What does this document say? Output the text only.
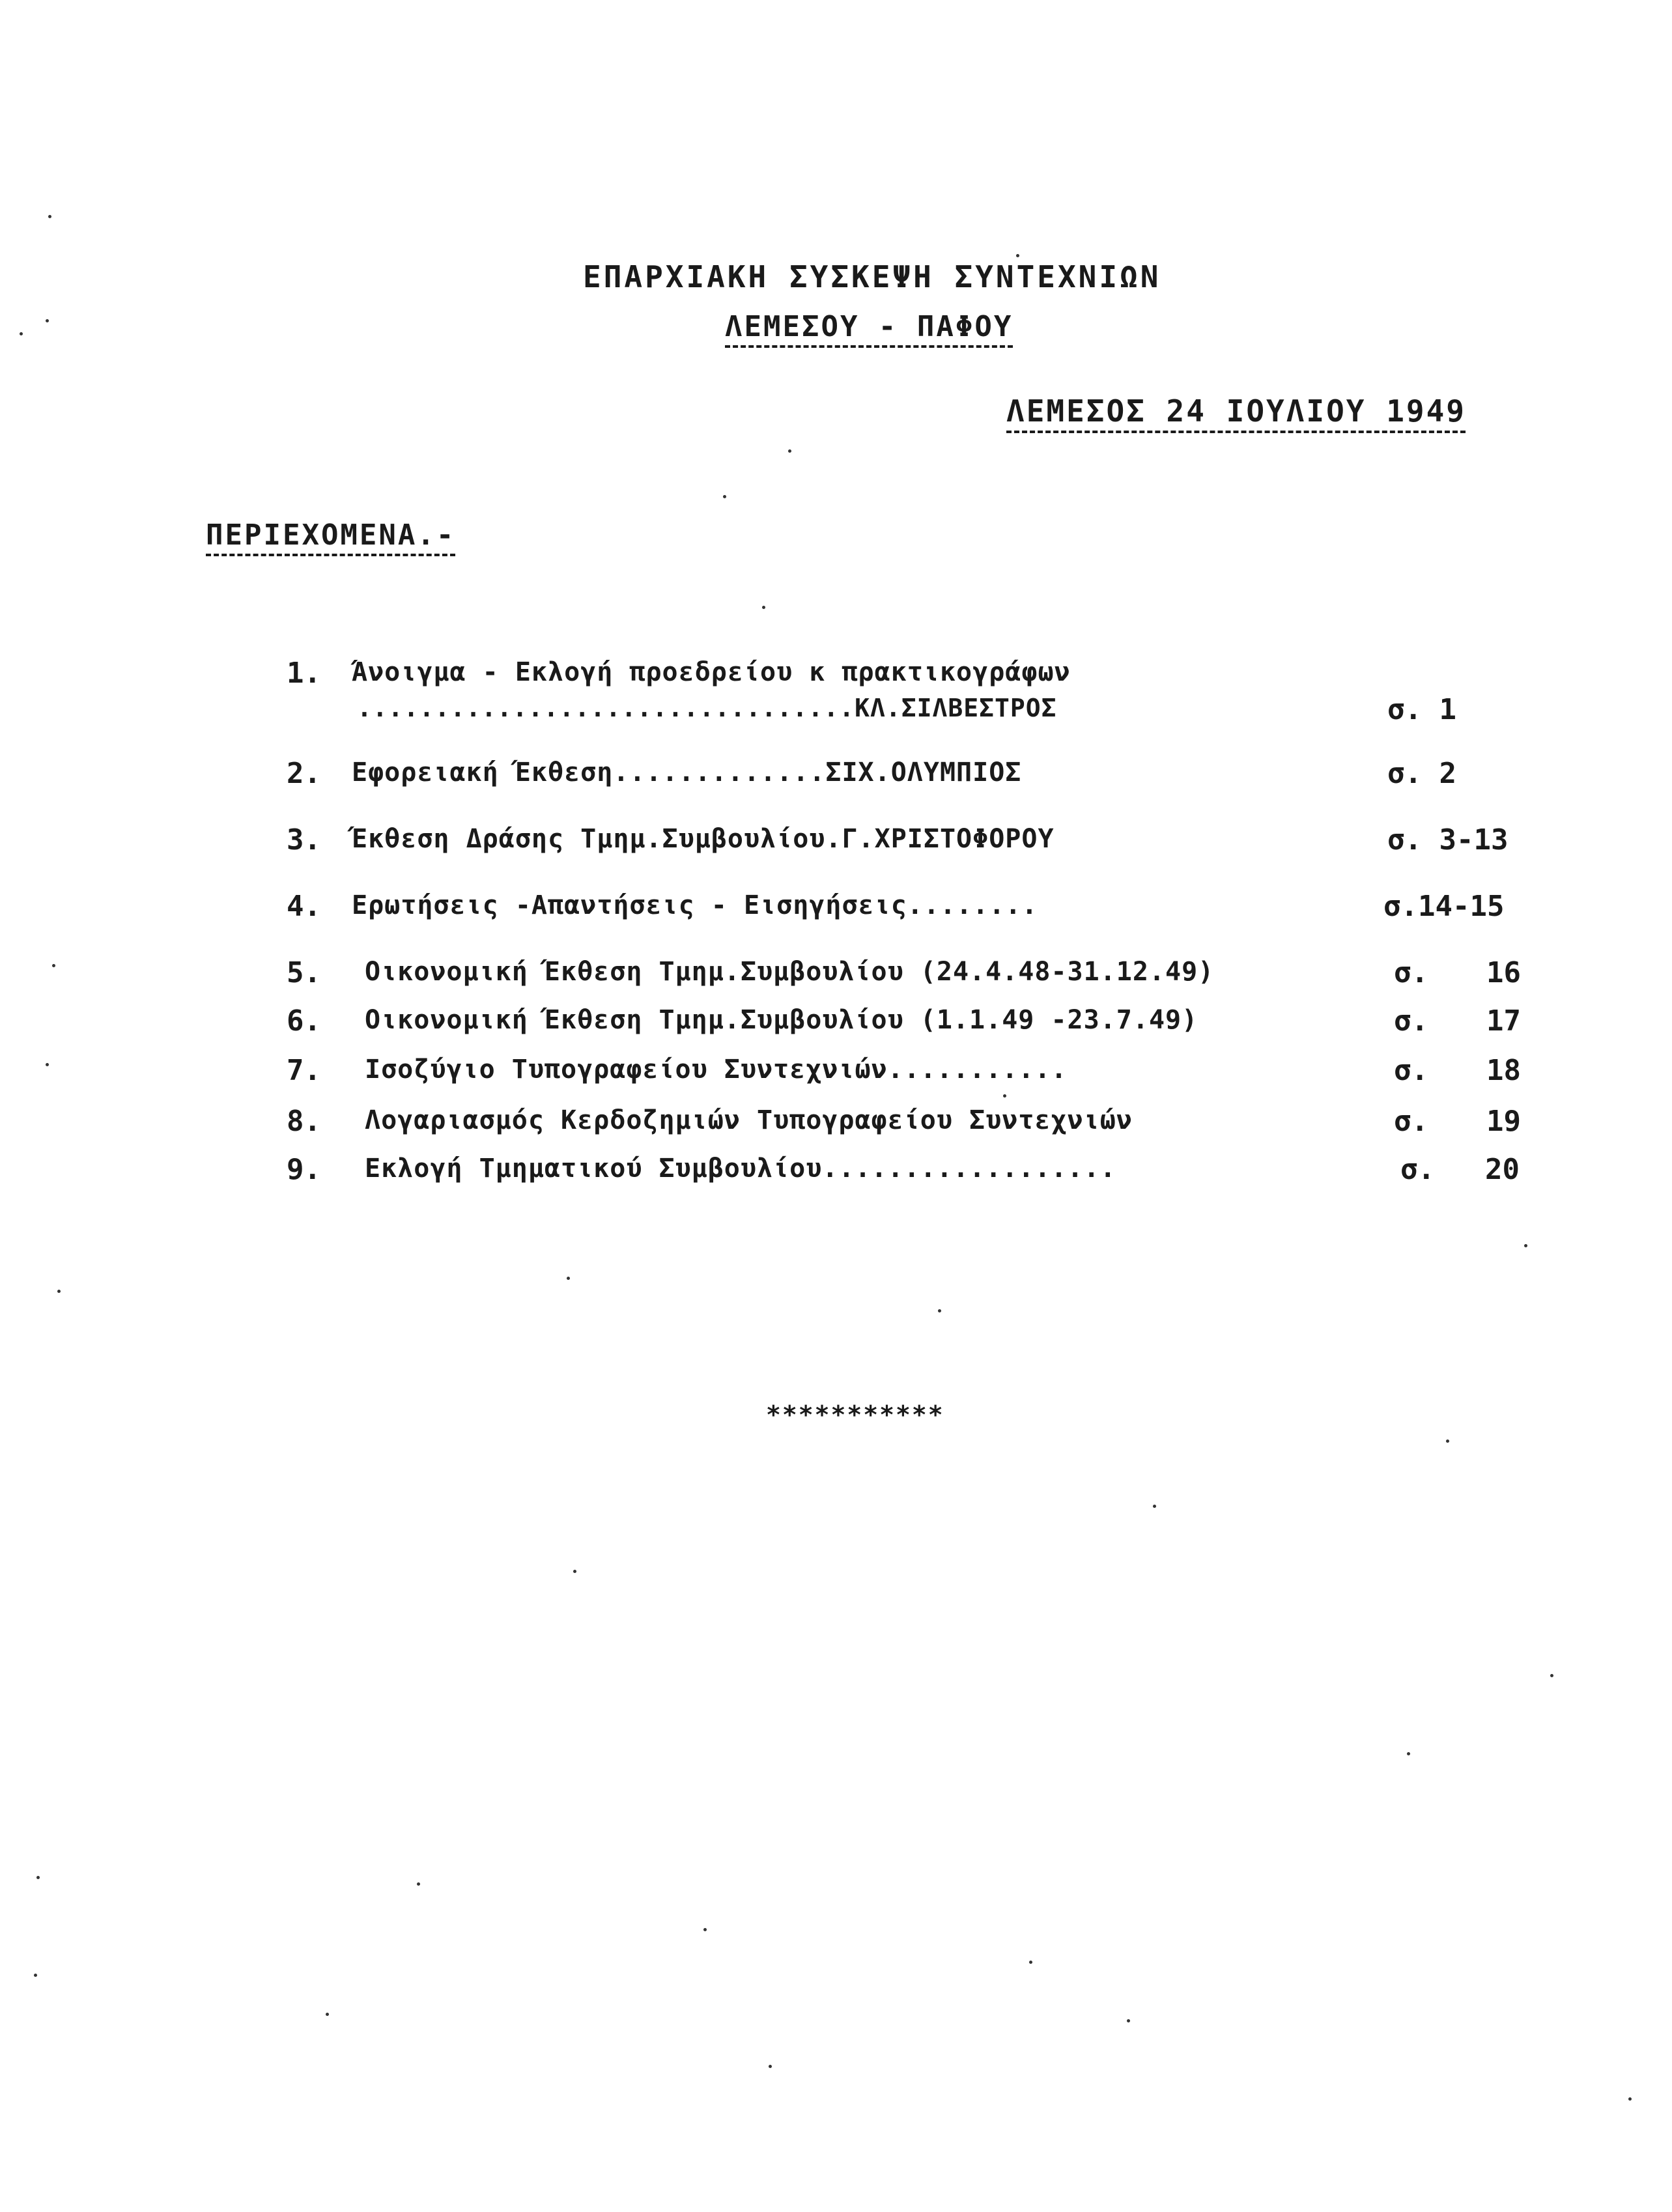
ΕΠΑΡΧΙΑΚΗ ΣΥΣΚΕΨΗ ΣΥΝΤΕΧΝΙΩΝ
ΛΕΜΕΣΟΥ - ΠΑΦΟΥ
ΛΕΜΕΣΟΣ 24 ΙΟΥΛΙΟΥ 1949
ΠΕΡΙΕΧΟΜΕΝΑ.-
1. Άνοιγμα - Εκλογή προεδρείου κ πρακτικογράφων
................................ΚΛ.ΣΙΛΒΕΣΤΡΟΣ	σ. 1
2. Εφορειακή Έκθεση.............ΣΙΧ.ΟΛΥΜΠΙΟΣ	σ. 2
3. Έκθεση Δράσης Τμημ.Συμβουλίου.Γ.ΧΡΙΣΤΟΦΟΡΟΥ	σ. 3-13
4. Ερωτήσεις -Απαντήσεις - Εισηγήσεις........	σ.14-15
5. Οικονομική Έκθεση Τμημ.Συμβουλίου (24.4.48-31.12.49)	σ. 16
6. Οικονομική Έκθεση Τμημ.Συμβουλίου (1.1.49 -23.7.49)	σ. 17
7. Ισοζύγιο Τυπογραφείου Συντεχνιών...........	σ. 18
8. Λογαριασμός Κερδοζημιών Τυπογραφείου Συντεχνιών	σ. 19
9. Εκλογή Τμηματικού Συμβουλίου..................	σ. 20
***********
